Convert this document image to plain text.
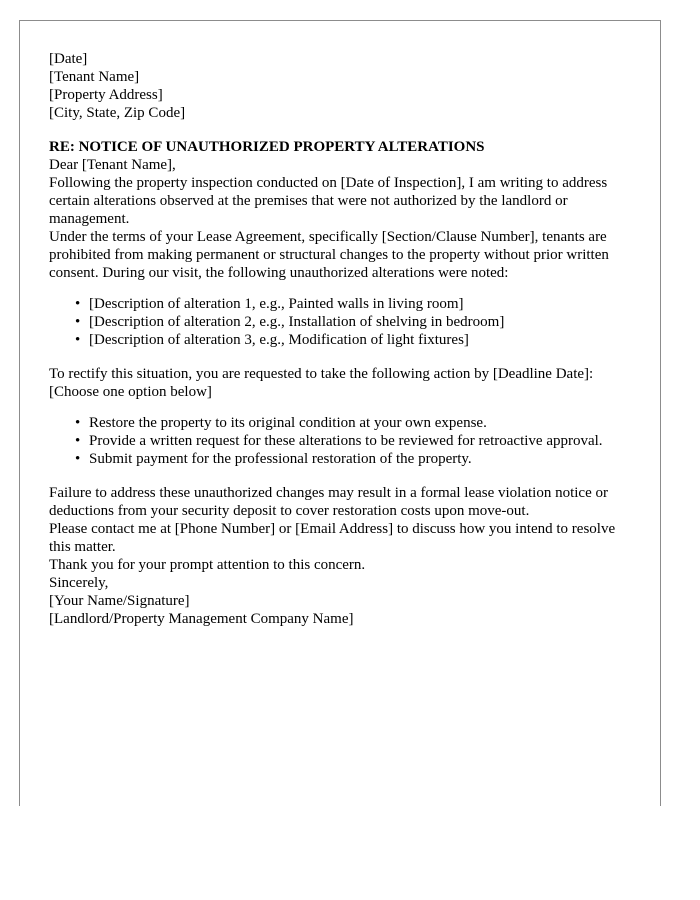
[Date]

[Tenant Name]
[Property Address]
[City, State, Zip Code]

RE: NOTICE OF UNAUTHORIZED PROPERTY ALTERATIONS

Dear [Tenant Name],

Following the property inspection conducted on [Date of Inspection], I am writing to address certain alterations observed at the premises that were not authorized by the landlord or management.

Under the terms of your Lease Agreement, specifically [Section/Clause Number], tenants are prohibited from making permanent or structural changes to the property without prior written consent. During our visit, the following unauthorized alterations were noted:

• [Description of alteration 1, e.g., Painted walls in living room]
• [Description of alteration 2, e.g., Installation of shelving in bedroom]
• [Description of alteration 3, e.g., Modification of light fixtures]

To rectify this situation, you are requested to take the following action by [Deadline Date]:

[Choose one option below]

• Restore the property to its original condition at your own expense.
• Provide a written request for these alterations to be reviewed for retroactive approval.
• Submit payment for the professional restoration of the property.

Failure to address these unauthorized changes may result in a formal lease violation notice or deductions from your security deposit to cover restoration costs upon move-out.

Please contact me at [Phone Number] or [Email Address] to discuss how you intend to resolve this matter.

Thank you for your prompt attention to this concern.

Sincerely,

[Your Name/Signature]
[Landlord/Property Management Company Name]
